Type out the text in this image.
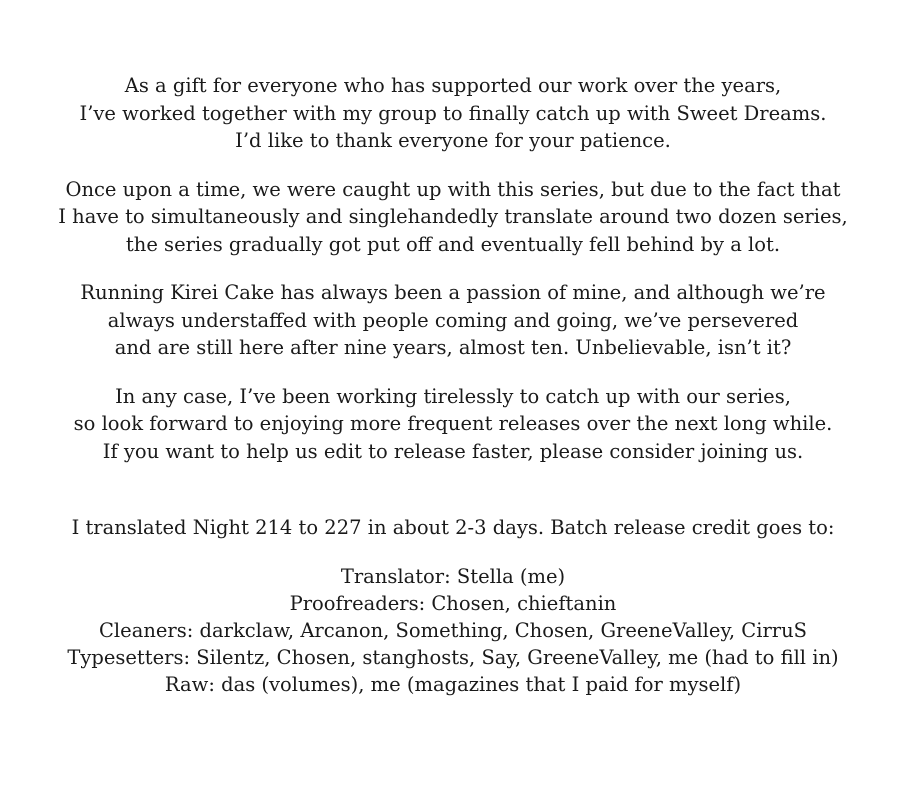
As a gift for everyone who has supported our work over the years,
I’ve worked together with my group to finally catch up with Sweet Dreams.
I’d like to thank everyone for your patience.
Once upon a time, we were caught up with this series, but due to the fact that
I have to simultaneously and singlehandedly translate around two dozen series,
the series gradually got put off and eventually fell behind by a lot.
Running Kirei Cake has always been a passion of mine, and although we’re
always understaffed with people coming and going, we’ve persevered
and are still here after nine years, almost ten. Unbelievable, isn’t it?
In any case, I’ve been working tirelessly to catch up with our series,
so look forward to enjoying more frequent releases over the next long while.
If you want to help us edit to release faster, please consider joining us.
I translated Night 214 to 227 in about 2-3 days. Batch release credit goes to:
Translator: Stella (me)
Proofreaders: Chosen, chieftanin
Cleaners: darkclaw, Arcanon, Something, Chosen, GreeneValley, CirruS
Typesetters: Silentz, Chosen, stanghosts, Say, GreeneValley, me (had to fill in)
Raw: das (volumes), me (magazines that I paid for myself)
